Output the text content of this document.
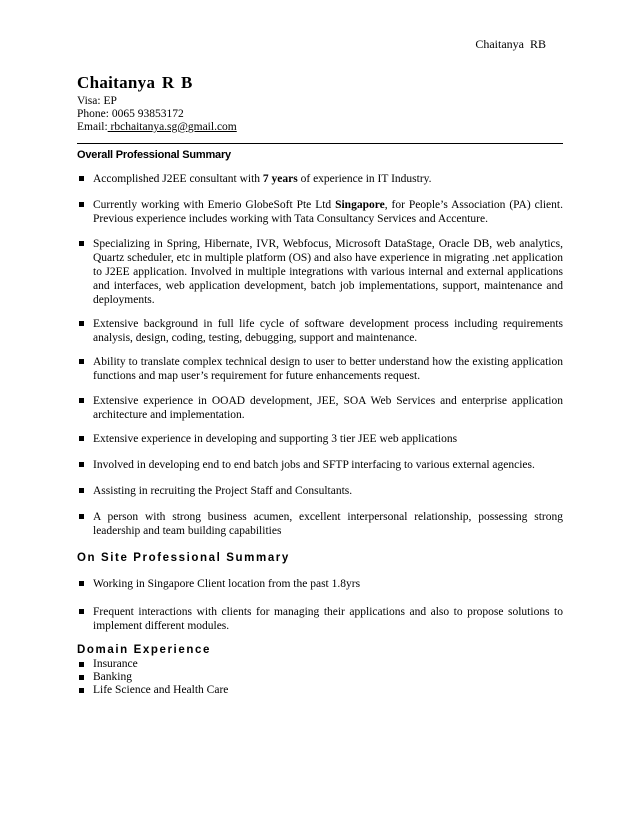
Chaitanya RB
Chaitanya R B
Visa: EP
Phone: 0065 93853172
Email: rbchaitanya.sg@gmail.com
Overall Professional Summary
Accomplished J2EE consultant with 7 years of experience in IT Industry.
Currently working with Emerio GlobeSoft Pte Ltd Singapore, for People’s Association (PA) client. Previous experience includes working with Tata Consultancy Services and Accenture.
Specializing in Spring, Hibernate, IVR, Webfocus, Microsoft DataStage, Oracle DB, web analytics, Quartz scheduler, etc in multiple platform (OS) and also have experience in migrating .net application to J2EE application. Involved in multiple integrations with various internal and external applications and interfaces, web application development, batch job implementations, support, maintenance and deployments.
Extensive background in full life cycle of software development process including requirements analysis, design, coding, testing, debugging, support and maintenance.
Ability to translate complex technical design to user to better understand how the existing application functions and map user’s requirement for future enhancements request.
Extensive experience in OOAD development, JEE, SOA Web Services and enterprise application architecture and implementation.
Extensive experience in developing and supporting 3 tier JEE web applications
Involved in developing end to end batch jobs and SFTP interfacing to various external agencies.
Assisting in recruiting the Project Staff and Consultants.
A person with strong business acumen, excellent interpersonal relationship, possessing strong leadership and team building capabilities
On Site Professional Summary
Working in Singapore Client location from the past 1.8yrs
Frequent interactions with clients for managing their applications and also to propose solutions to implement different modules.
Domain Experience
Insurance
Banking
Life Science and Health Care
